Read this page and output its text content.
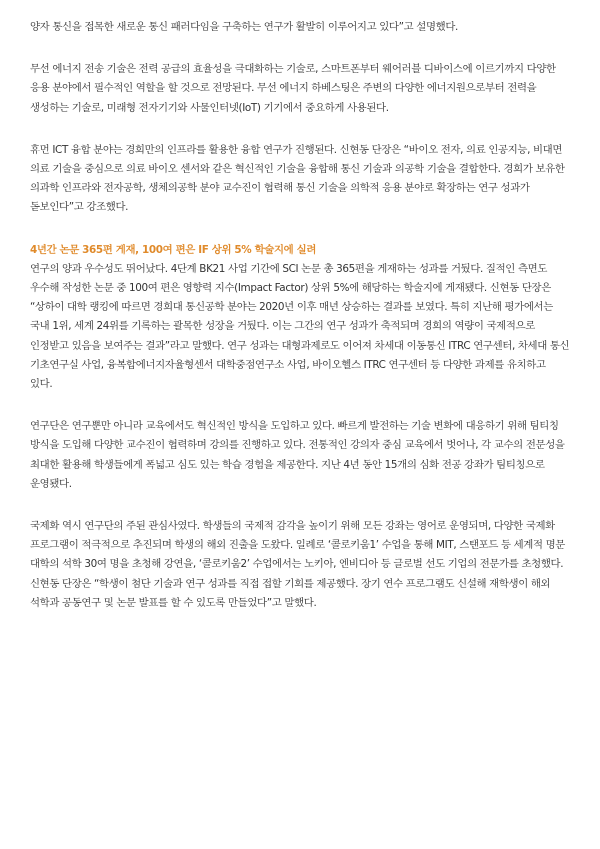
양자 통신을 접목한 새로운 통신 패러다임을 구축하는 연구가 활발히 이루어지고 있다”고 설명했다.

무선 에너지 전송 기술은 전력 공급의 효율성을 극대화하는 기술로, 스마트폰부터 웨어러블 디바이스에 이르기까지 다양한 응용 분야에서 필수적인 역할을 할 것으로 전망된다. 무선 에너지 하베스팅은 주변의 다양한 에너지원으로부터 전력을 생성하는 기술로, 미래형 전자기기와 사물인터넷(IoT) 기기에서 중요하게 사용된다.

휴먼 ICT 융합 분야는 경희만의 인프라를 활용한 융합 연구가 진행된다. 신현동 단장은 “바이오 전자, 의료 인공지능, 비대면 의료 기술을 중심으로 의료 바이오 센서와 같은 혁신적인 기술을 융합해 통신 기술과 의공학 기술을 결합한다. 경희가 보유한 의과학 인프라와 전자공학, 생체의공학 분야 교수진이 협력해 통신 기술을 의학적 응용 분야로 확장하는 연구 성과가 돋보인다”고 강조했다.

4년간 논문 365편 게재, 100여 편은 IF 상위 5% 학술지에 실려

연구의 양과 우수성도 뛰어났다. 4단계 BK21 사업 기간에 SCI 논문 총 365편을 게재하는 성과를 거뒀다. 질적인 측면도 우수해 작성한 논문 중 100여 편은 영향력 지수(Impact Factor) 상위 5%에 해당하는 학술지에 게재됐다. 신현동 단장은 “상하이 대학 랭킹에 따르면 경희대 통신공학 분야는 2020년 이후 매년 상승하는 결과를 보였다. 특히 지난해 평가에서는 국내 1위, 세계 24위를 기록하는 괄목한 성장을 거뒀다. 이는 그간의 연구 성과가 축적되며 경희의 역량이 국제적으로 인정받고 있음을 보여주는 결과”라고 말했다. 연구 성과는 대형과제로도 이어져 차세대 이동통신 ITRC 연구센터, 차세대 통신 기초연구실 사업, 융복합에너지자율형센서 대학중점연구소 사업, 바이오헬스 ITRC 연구센터 등 다양한 과제를 유치하고 있다.

연구단은 연구뿐만 아니라 교육에서도 혁신적인 방식을 도입하고 있다. 빠르게 발전하는 기술 변화에 대응하기 위해 팀티칭 방식을 도입해 다양한 교수진이 협력하며 강의를 진행하고 있다. 전통적인 강의자 중심 교육에서 벗어나, 각 교수의 전문성을 최대한 활용해 학생들에게 폭넓고 심도 있는 학습 경험을 제공한다. 지난 4년 동안 15개의 심화 전공 강좌가 팀티칭으로 운영됐다.

국제화 역시 연구단의 주된 관심사였다. 학생들의 국제적 감각을 높이기 위해 모든 강좌는 영어로 운영되며, 다양한 국제화 프로그램이 적극적으로 추진되며 학생의 해외 진출을 도왔다. 일례로 ‘콜로키움1’ 수업을 통해 MIT, 스탠포드 등 세계적 명문 대학의 석학 30여 명을 초청해 강연을, ‘콜로키움2’ 수업에서는 노키아, 엔비디아 등 글로벌 선도 기업의 전문가를 초청했다. 신현동 단장은 “학생이 첨단 기술과 연구 성과를 직접 접할 기회를 제공했다. 장기 연수 프로그램도 신설해 재학생이 해외 석학과 공동연구 및 논문 발표를 할 수 있도록 만들었다”고 말했다.
